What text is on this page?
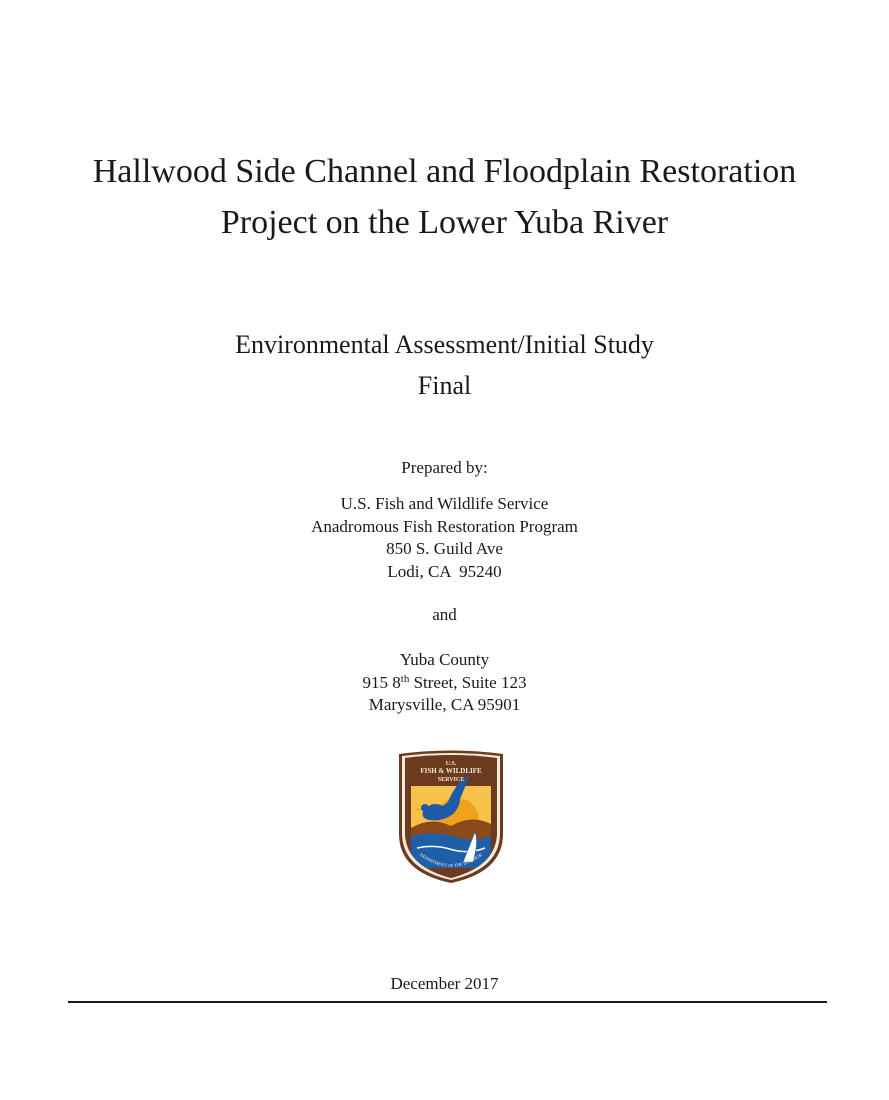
Hallwood Side Channel and Floodplain Restoration
Project on the Lower Yuba River
Environmental Assessment/Initial Study
Final
Prepared by:
U.S. Fish and Wildlife Service
Anadromous Fish Restoration Program
850 S. Guild Ave
Lodi, CA  95240
and
Yuba County
915 8th Street, Suite 123
Marysville, CA 95901
U.S.
FISH & WILDLIFE
SERVICE
DEPARTMENT OF THE INTERIOR
December 2017
